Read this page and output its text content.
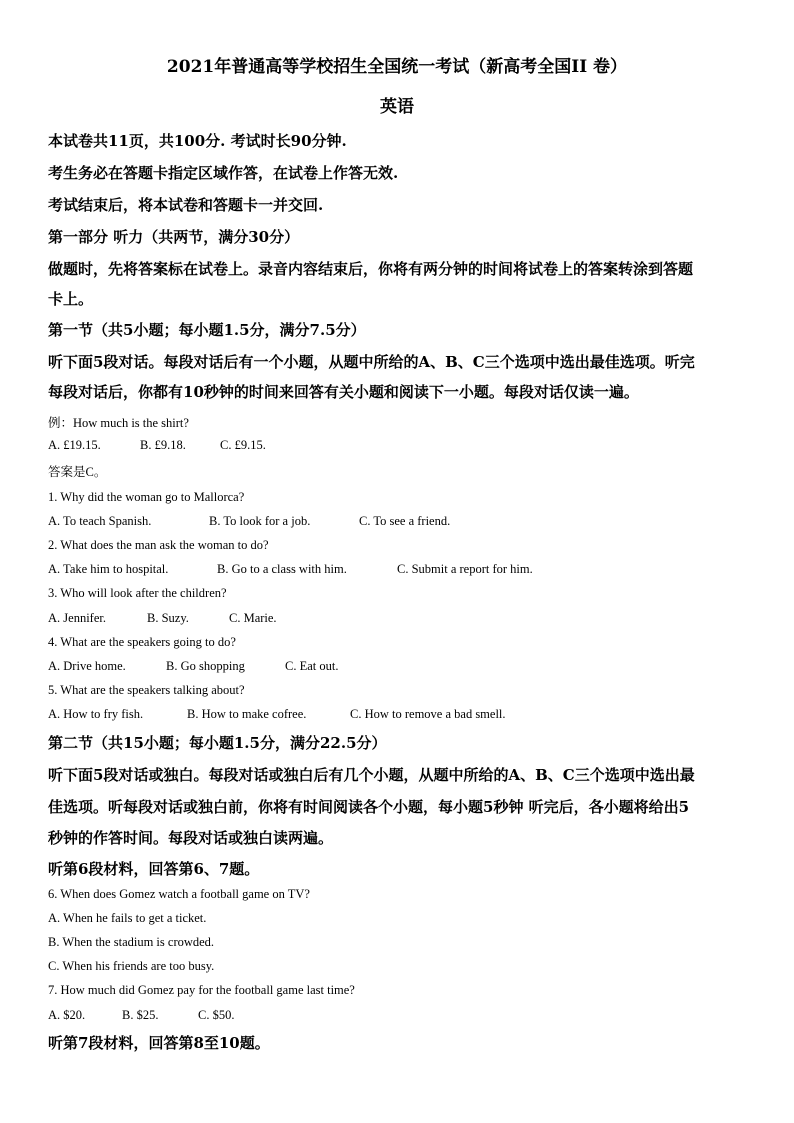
2021年普通高等学校招生全国统一考试（新高考全国II 卷）
英语
本试卷共11页，共100分. 考试时长90分钟.
考生务必在答题卡指定区域作答，在试卷上作答无效.
考试结束后，将本试卷和答题卡一并交回.
第一部分 听力（共两节，满分30分）
做题时，先将答案标在试卷上。录音内容结束后，你将有两分钟的时间将试卷上的答案转涂到答题
卡上。
第一节（共5小题；每小题1.5分，满分7.5分）
听下面5段对话。每段对话后有一个小题，从题中所给的A、B、C三个选项中选出最佳选项。听完
每段对话后，你都有10秒钟的时间来回答有关小题和阅读下一小题。每段对话仅读一遍。
例：How much is the shirt?
A. £19.15.	B. £9.18.	C. £9.15.
答案是C。
1. Why did the woman go to Mallorca?
A. To teach Spanish.	B. To look for a job.	C. To see a friend.
2. What does the man ask the woman to do?
A. Take him to hospital.	B. Go to a class with him.	C. Submit a report for him.
3. Who will look after the children?
A. Jennifer.	B. Suzy.	C. Marie.
4. What are the speakers going to do?
A. Drive home.	B. Go shopping	C. Eat out.
5. What are the speakers talking about?
A. How to fry fish.	B. How to make cofree.	C. How to remove a bad smell.
第二节（共15小题；每小题1.5分，满分22.5分）
听下面5段对话或独白。每段对话或独白后有几个小题，从题中所给的A、B、C三个选项中选出最
佳选项。听每段对话或独白前，你将有时间阅读各个小题，每小题5秒钟 听完后，各小题将给出5
秒钟的作答时间。每段对话或独白读两遍。
听第6段材料，回答第6、7题。
6. When does Gomez watch a football game on TV?
A. When he fails to get a ticket.
B. When the stadium is crowded.
C. When his friends are too busy.
7. How much did Gomez pay for the football game last time?
A. $20.	B. $25.	C. $50.
听第7段材料，回答第8至10题。
